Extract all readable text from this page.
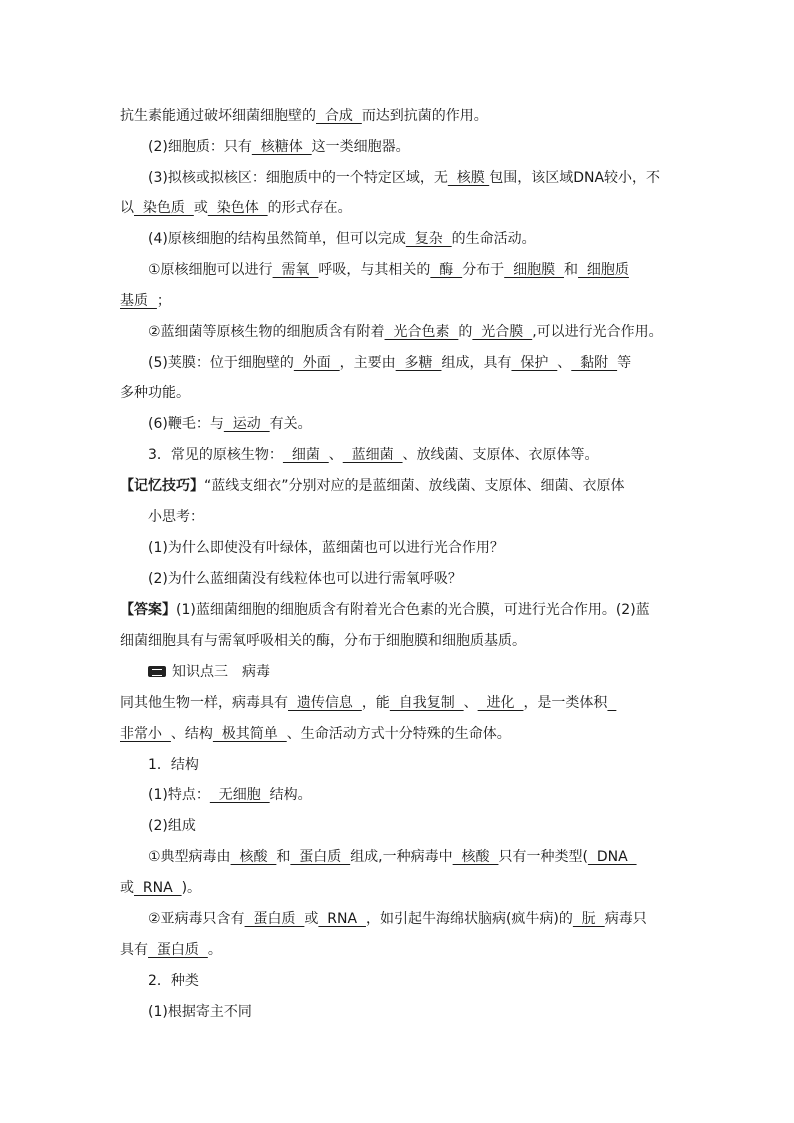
抗生素能通过破坏细菌细胞壁的  合成  而达到抗菌的作用。
(2)细胞质：只有  核糖体  这一类细胞器。
(3)拟核或拟核区：细胞质中的一个特定区域，无  核膜 包围，该区域DNA较小，不
以  染色质  或  染色体  的形式存在。
(4)原核细胞的结构虽然简单，但可以完成  复杂  的生命活动。
①原核细胞可以进行  需氧  呼吸，与其相关的  酶  分布于  细胞膜  和  细胞质
基质  ；
②蓝细菌等原核生物的细胞质含有附着  光合色素  的  光合膜  ,可以进行光合作用。
(5)荚膜：位于细胞壁的  外面  ，主要由  多糖  组成，具有  保护  、  黏附  等
多种功能。
(6)鞭毛：与  运动  有关。
3．常见的原核生物：  细菌  、  蓝细菌  、放线菌、支原体、衣原体等。
【记忆技巧】“蓝线支细衣”分别对应的是蓝细菌、放线菌、支原体、细菌、衣原体
小思考：
(1)为什么即使没有叶绿体，蓝细菌也可以进行光合作用？
(2)为什么蓝细菌没有线粒体也可以进行需氧呼吸？
【答案】(1)蓝细菌细胞的细胞质含有附着光合色素的光合膜，可进行光合作用。(2)蓝
细菌细胞具有与需氧呼吸相关的酶，分布于细胞膜和细胞质基质。
知识点三　病毒
同其他生物一样，病毒具有  遗传信息  ，能  自我复制  、  进化  ，是一类体积
非常小  、结构  极其简单  、生命活动方式十分特殊的生命体。
1．结构
(1)特点：  无细胞  结构。
(2)组成
①典型病毒由  核酸  和  蛋白质  组成,一种病毒中  核酸  只有一种类型(  DNA
或  RNA  )。
②亚病毒只含有  蛋白质  或  RNA  ，如引起牛海绵状脑病(疯牛病)的  朊  病毒只
具有  蛋白质  。
2．种类
(1)根据寄主不同
